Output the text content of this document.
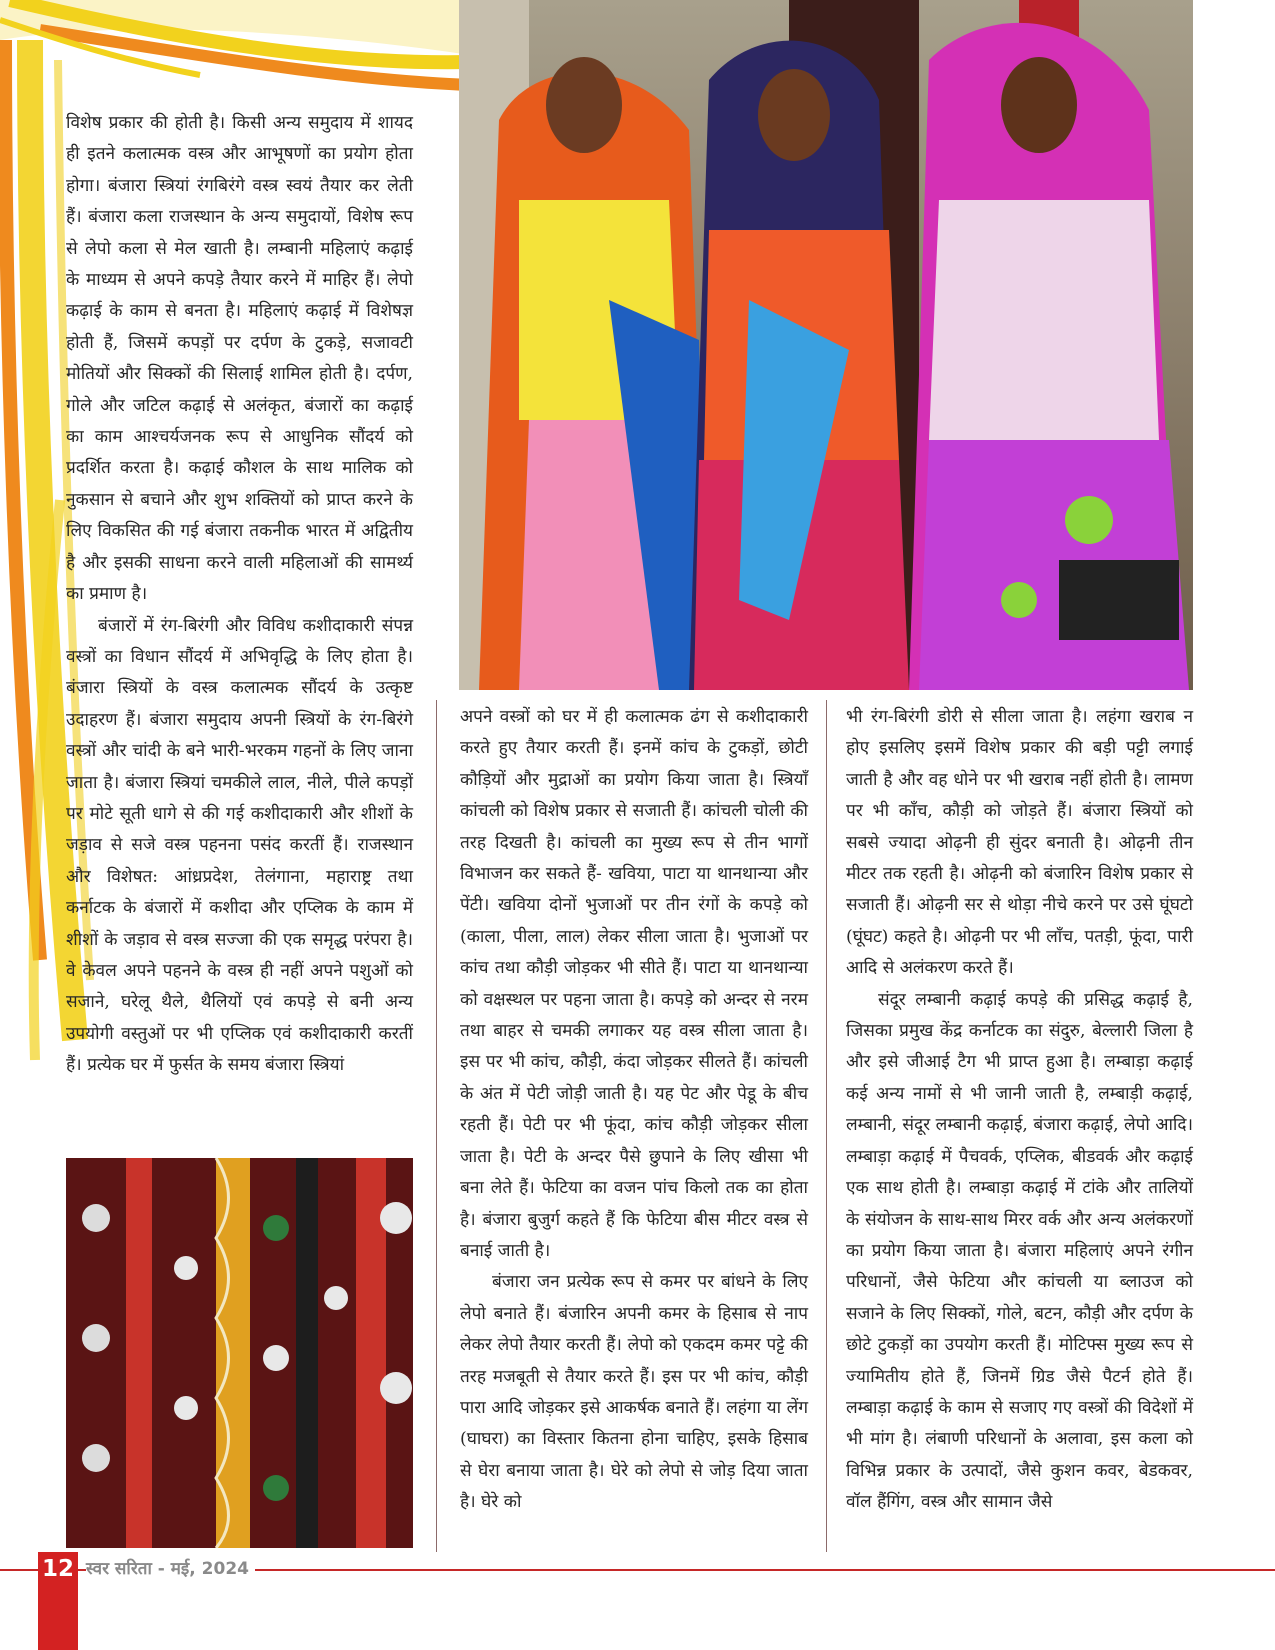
विशेष प्रकार की होती है। किसी अन्य समुदाय में शायद ही इतने कलात्मक वस्त्र और आभूषणों का प्रयोग होता होगा। बंजारा स्त्रियां रंगबिरंगे वस्त्र स्वयं तैयार कर लेती हैं। बंजारा कला राजस्थान के अन्य समुदायों, विशेष रूप से लेपो कला से मेल खाती है। लम्बानी महिलाएं कढ़ाई के माध्यम से अपने कपड़े तैयार करने में माहिर हैं। लेपो कढ़ाई के काम से बनता है। महिलाएं कढ़ाई में विशेषज्ञ होती हैं, जिसमें कपड़ों पर दर्पण के टुकड़े, सजावटी मोतियों और सिक्कों की सिलाई शामिल होती है। दर्पण, गोले और जटिल कढ़ाई से अलंकृत, बंजारों का कढ़ाई का काम आश्चर्यजनक रूप से आधुनिक सौंदर्य को प्रदर्शित करता है। कढ़ाई कौशल के साथ मालिक को नुकसान से बचाने और शुभ शक्तियों को प्राप्त करने के लिए विकसित की गई बंजारा तकनीक भारत में अद्वितीय है और इसकी साधना करने वाली महिलाओं की सामर्थ्य का प्रमाण है।

बंजारों में रंग-बिरंगी और विविध कशीदाकारी संपन्न वस्त्रों का विधान सौंदर्य में अभिवृद्धि के लिए होता है। बंजारा स्त्रियों के वस्त्र कलात्मक सौंदर्य के उत्कृष्ट उदाहरण हैं। बंजारा समुदाय अपनी स्त्रियों के रंग-बिरंगे वस्त्रों और चांदी के बने भारी-भरकम गहनों के लिए जाना जाता है। बंजारा स्त्रियां चमकीले लाल, नीले, पीले कपड़ों पर मोटे सूती धागे से की गई कशीदाकारी और शीशों के जड़ाव से सजे वस्त्र पहनना पसंद करतीं हैं। राजस्थान और विशेषत: आंध्रप्रदेश, तेलंगाना, महाराष्ट्र तथा कर्नाटक के बंजारों में कशीदा और एप्लिक के काम में शीशों के जड़ाव से वस्त्र सज्जा की एक समृद्ध परंपरा है। वे केवल अपने पहनने के वस्त्र ही नहीं अपने पशुओं को सजाने, घरेलू थैले, थैलियों एवं कपड़े से बनी अन्य उपयोगी वस्तुओं पर भी एप्लिक एवं कशीदाकारी करतीं हैं। प्रत्येक घर में फुर्सत के समय बंजारा स्त्रियां

अपने वस्त्रों को घर में ही कलात्मक ढंग से कशीदाकारी करते हुए तैयार करती हैं। इनमें कांच के टुकड़ों, छोटी कौड़ियों और मुद्राओं का प्रयोग किया जाता है। स्त्रियाँ कांचली को विशेष प्रकार से सजाती हैं। कांचली चोली की तरह दिखती है। कांचली का मुख्य रूप से तीन भागों विभाजन कर सकते हैं- खविया, पाटा या थानथान्या और पेंटी। खविया दोनों भुजाओं पर तीन रंगों के कपड़े को (काला, पीला, लाल) लेकर सीला जाता है। भुजाओं पर कांच तथा कौड़ी जोड़कर भी सीते हैं। पाटा या थानथान्या को वक्षस्थल पर पहना जाता है। कपड़े को अन्दर से नरम तथा बाहर से चमकी लगाकर यह वस्त्र सीला जाता है। इस पर भी कांच, कौड़ी, कंदा जोड़कर सीलते हैं। कांचली के अंत में पेटी जोड़ी जाती है। यह पेट और पेडू के बीच रहती हैं। पेटी पर भी फूंदा, कांच कौड़ी जोड़कर सीला जाता है। पेटी के अन्दर पैसे छुपाने के लिए खीसा भी बना लेते हैं। फेटिया का वजन पांच किलो तक का होता है। बंजारा बुजुर्ग कहते हैं कि फेटिया बीस मीटर वस्त्र से बनाई जाती है।

बंजारा जन प्रत्येक रूप से कमर पर बांधने के लिए लेपो बनाते हैं। बंजारिन अपनी कमर के हिसाब से नाप लेकर लेपो तैयार करती हैं। लेपो को एकदम कमर पट्टे की तरह मजबूती से तैयार करते हैं। इस पर भी कांच, कौड़ी पारा आदि जोड़कर इसे आकर्षक बनाते हैं। लहंगा या लेंग (घाघरा) का विस्तार कितना होना चाहिए, इसके हिसाब से घेरा बनाया जाता है। घेरे को लेपो से जोड़ दिया जाता है। घेरे को

भी रंग-बिरंगी डोरी से सीला जाता है। लहंगा खराब न होए इसलिए इसमें विशेष प्रकार की बड़ी पट्टी लगाई जाती है और वह धोने पर भी खराब नहीं होती है। लामण पर भी काँच, कौड़ी को जोड़ते हैं। बंजारा स्त्रियों को सबसे ज्यादा ओढ़नी ही सुंदर बनाती है। ओढ़नी तीन मीटर तक रहती है। ओढ़नी को बंजारिन विशेष प्रकार से सजाती हैं। ओढ़नी सर से थोड़ा नीचे करने पर उसे घूंघटो (घूंघट) कहते है। ओढ़नी पर भी लाँच, पतड़ी, फूंदा, पारी आदि से अलंकरण करते हैं।

संदूर लम्बानी कढ़ाई कपड़े की प्रसिद्ध कढ़ाई है, जिसका प्रमुख केंद्र कर्नाटक का संदुरु, बेल्लारी जिला है और इसे जीआई टैग भी प्राप्त हुआ है। लम्बाड़ा कढ़ाई कई अन्य नामों से भी जानी जाती है, लम्बाड़ी कढ़ाई, लम्बानी, संदूर लम्बानी कढ़ाई, बंजारा कढ़ाई, लेपो आदि। लम्बाड़ा कढ़ाई में पैचवर्क, एप्लिक, बीडवर्क और कढ़ाई एक साथ होती है। लम्बाड़ा कढ़ाई में टांके और तालियों के संयोजन के साथ-साथ मिरर वर्क और अन्य अलंकरणों का प्रयोग किया जाता है। बंजारा महिलाएं अपने रंगीन परिधानों, जैसे फेटिया और कांचली या ब्लाउज को सजाने के लिए सिक्कों, गोले, बटन, कौड़ी और दर्पण के छोटे टुकड़ों का उपयोग करती हैं। मोटिफ्स मुख्य रूप से ज्यामितीय होते हैं, जिनमें ग्रिड जैसे पैटर्न होते हैं। लम्बाड़ा कढ़ाई के काम से सजाए गए वस्त्रों की विदेशों में भी मांग है। लंबाणी परिधानों के अलावा, इस कला को विभिन्न प्रकार के उत्पादों, जैसे कुशन कवर, बेडकवर, वॉल हैंगिंग, वस्त्र और सामान जैसे

12 स्वर सरिता - मई, 2024
